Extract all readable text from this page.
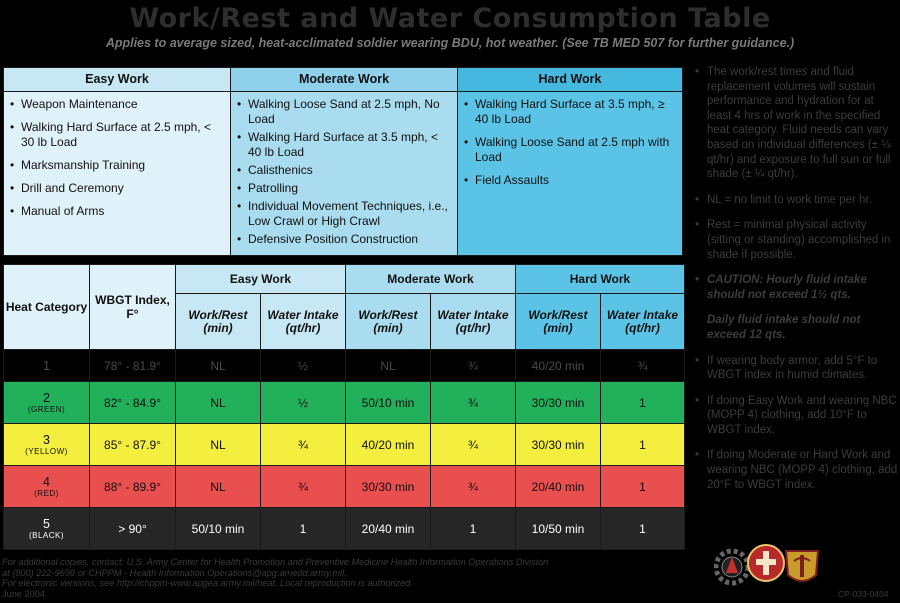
Work/Rest and Water Consumption Table
Applies to average sized, heat-acclimated soldier wearing BDU, hot weather. (See TB MED 507 for further guidance.)
Easy Work
• Weapon Maintenance
• Walking Hard Surface at 2.5 mph, < 30 lb Load
• Marksmanship Training
• Drill and Ceremony
• Manual of Arms
Moderate Work
• Walking Loose Sand at 2.5 mph, No Load
• Walking Hard Surface at 3.5 mph, < 40 lb Load
• Calisthenics
• Patrolling
• Individual Movement Techniques, i.e., Low Crawl or High Crawl
• Defensive Position Construction
Hard Work
• Walking Hard Surface at 3.5 mph, ≥ 40 lb Load
• Walking Loose Sand at 2.5 mph with Load
• Field Assaults
Heat Category	WBGT Index, F°	Easy Work		Moderate Work		Hard Work	
		Work/Rest (min)	Water Intake (qt/hr)	Work/Rest (min)	Water Intake (qt/hr)	Work/Rest (min)	Water Intake (qt/hr)

1	78° - 81.9°	NL	½	NL	¾	40/20 min	¾

2
(GREEN)	82° - 84.9°	NL	½	50/10 min	¾	30/30 min	1

3
(YELLOW)	85° - 87.9°	NL	¾	40/20 min	¾	30/30 min	1

4
(RED)	88° - 89.9°	NL	¾	30/30 min	¾	20/40 min	1

5
(BLACK)	> 90°	50/10 min	1	20/40 min	1	10/50 min	1
• The work/rest times and fluid replacement volumes will sustain performance and hydration for at least 4 hrs of work in the specified heat category. Fluid needs can vary based on individual differences (± ¼ qt/hr) and exposure to full sun or full shade (± ¼ qt/hr).
• NL = no limit to work time per hr.
• Rest = minimal physical activity (sitting or standing) accomplished in shade if possible.
• CAUTION: Hourly fluid intake should not exceed 1½ qts.
Daily fluid intake should not exceed 12 qts.
• If wearing body armor, add 5°F to WBGT index in humid climates.
• If doing Easy Work and wearing NBC (MOPP 4) clothing, add 10°F to WBGT index.
• If doing Moderate or Hard Work and wearing NBC (MOPP 4) clothing, add 20°F to WBGT index.
For additional copies, contact: U.S. Army Center for Health Promotion and Preventive Medicine Health Information Operations Division
at (800) 222-9698 or CHPPM - Health Information Operations@apg.amedd.army.mil.
For electronic versions, see http://chppm-www.apgea.army.mil/heat. Local reproduction is authorized.
June 2004	CP-033-0404
